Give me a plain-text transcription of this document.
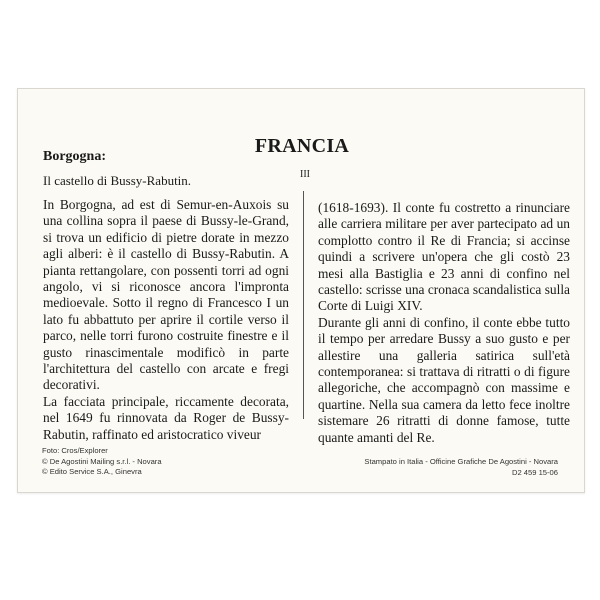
FRANCIA
Borgogna:
Il castello di Bussy-Rabutin.	III

In Borgogna, ad est di Semur-en-Auxois su una collina sopra il paese di Bussy-le-Grand, si trova un edificio di pietre dorate in mezzo agli alberi: è il castello di Bussy-Rabutin. A pianta rettangolare, con possenti torri ad ogni angolo, vi si riconosce ancora l'impronta medioevale. Sotto il regno di Francesco I un lato fu abbattuto per aprire il cortile verso il parco, nelle torri furono costruite finestre e il gusto rinascimentale modificò in parte l'architettura del castello con arcate e fregi decorativi.

La facciata principale, riccamente decorata, nel 1649 fu rinnovata da Roger de Bussy-Rabutin, raffinato ed aristocratico viveur

(1618-1693). Il conte fu costretto a rinunciare alle carriera militare per aver partecipato ad un complotto contro il Re di Francia; si accinse quindi a scrivere un'opera che gli costò 23 mesi alla Bastiglia e 23 anni di confino nel castello: scrisse una cronaca scandalistica sulla Corte di Luigi XIV.

Durante gli anni di confino, il conte ebbe tutto il tempo per arredare Bussy a suo gusto e per allestire una galleria satirica sull'età contemporanea: si trattava di ritratti o di figure allegoriche, che accompagnò con massime e quartine. Nella sua camera da letto fece inoltre sistemare 26 ritratti di donne famose, tutte quante amanti del Re.

Foto: Cros/Explorer
© De Agostini Mailing s.r.l. - Novara
© Edito Service S.A., Ginevra
Stampato in Italia - Officine Grafiche De Agostini - Novara
D2 459 15-06
